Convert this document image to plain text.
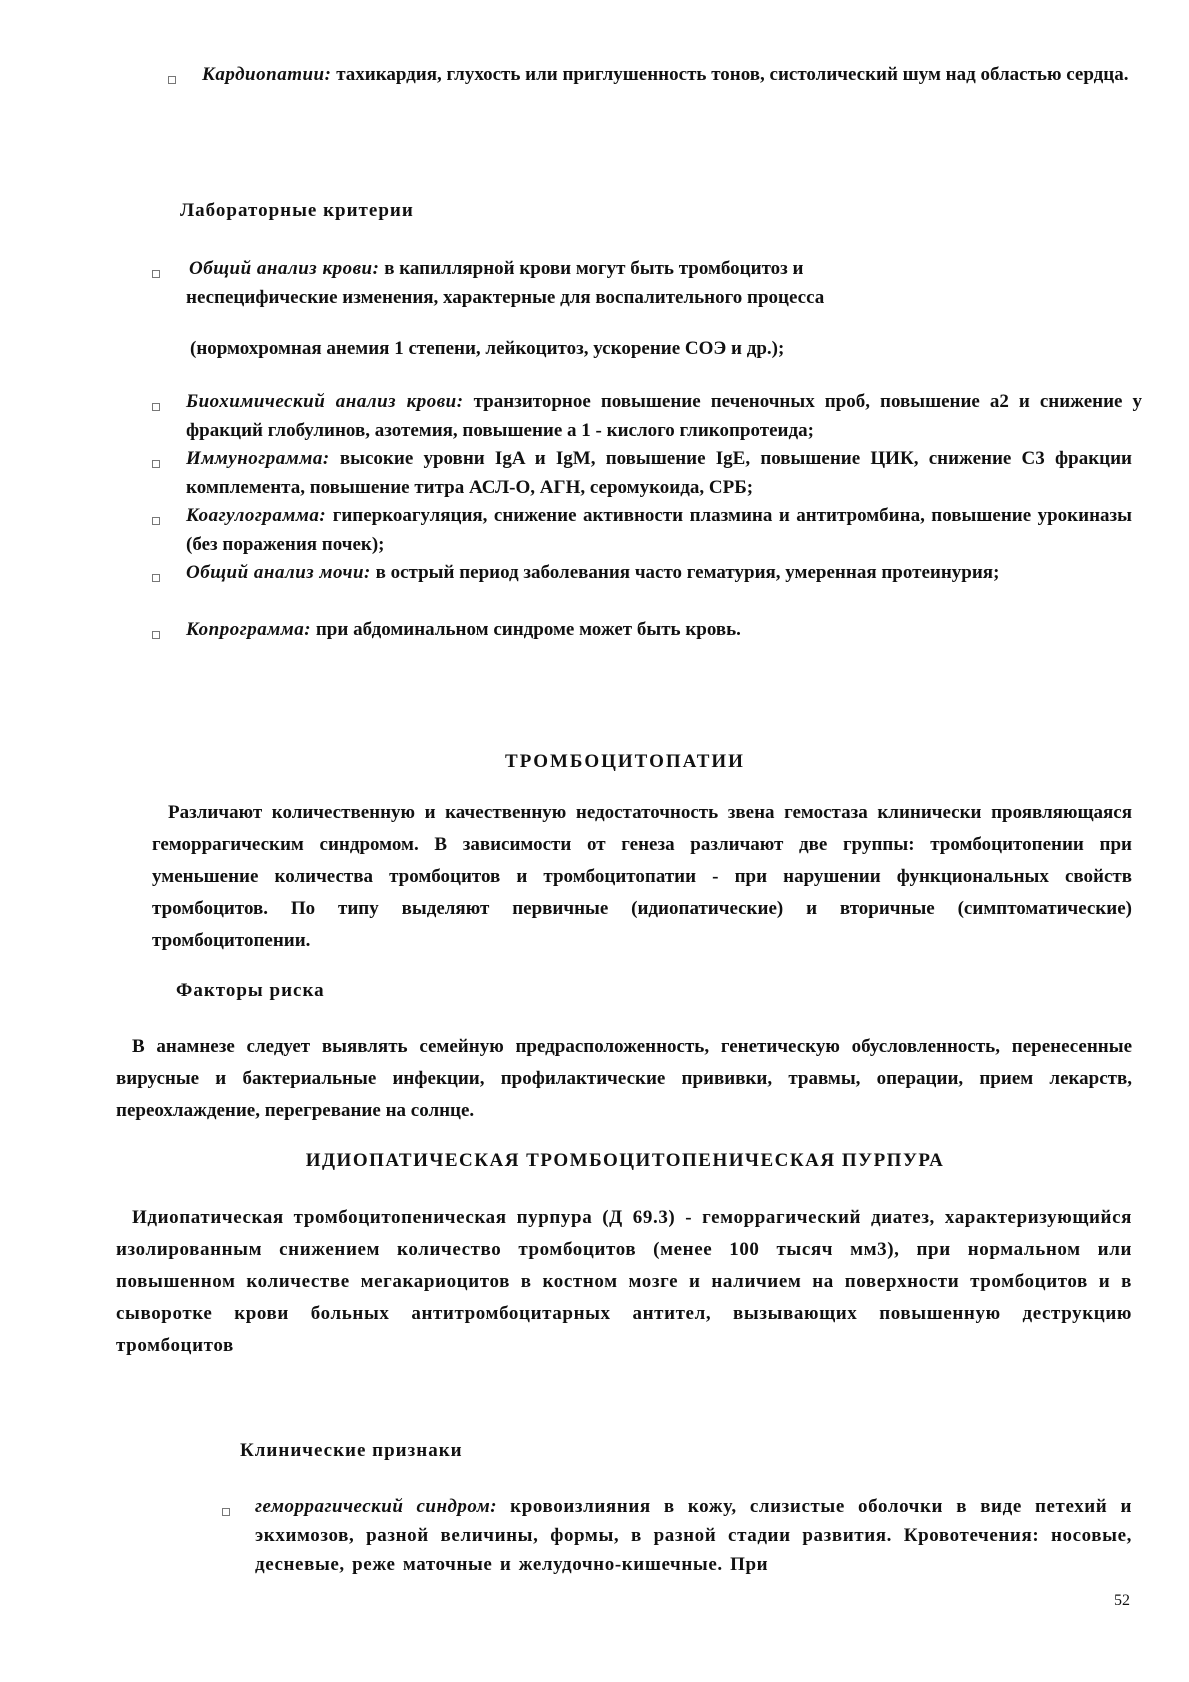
Кардиопатии: тахикардия, глухость или приглушенность тонов, систолический шум над областью сердца.
Лабораторные критерии
Общий анализ крови: в капиллярной крови могут быть тромбоцитоз и неспецифические изменения, характерные для воспалительного процесса
(нормохромная анемия 1 степени, лейкоцитоз, ускорение СОЭ и др.);
Биохимический анализ крови: транзиторное повышение печеночных проб, повышение а2 и снижение у фракций глобулинов, азотемия, повышение а 1 - кислого гликопротеида;
Иммунограмма: высокие уровни IgA и IgM, повышение IgE, повышение ЦИК, снижение С3 фракции комплемента, повышение титра АСЛ-О, АГН, серомукоида, СРБ;
Коагулограмма: гиперкоагуляция, снижение активности плазмина и антитромбина, повышение урокиназы (без поражения почек);
Общий анализ мочи: в острый период заболевания часто гематурия, умеренная протеинурия;
Копрограмма: при абдоминальном синдроме может быть кровь.
ТРОМБОЦИТОПАТИИ
Различают количественную и качественную недостаточность звена гемостаза клинически проявляющаяся геморрагическим синдромом. В зависимости от генеза различают две группы: тромбоцитопении при уменьшение количества тромбоцитов и тромбоцитопатии - при нарушении функциональных свойств тромбоцитов. По типу выделяют первичные (идиопатические) и вторичные (симптоматические) тромбоцитопении.
Факторы риска
В анамнезе следует выявлять семейную предрасположенность, генетическую обусловленность, перенесенные вирусные и бактериальные инфекции, профилактические прививки, травмы, операции, прием лекарств, переохлаждение, перегревание на солнце.
ИДИОПАТИЧЕСКАЯ ТРОМБОЦИТОПЕНИЧЕСКАЯ ПУРПУРА
Идиопатическая тромбоцитопеническая пурпура (Д 69.3) - геморрагический диатез, характеризующийся изолированным снижением количество тромбоцитов (менее 100 тысяч мм3), при нормальном или повышенном количестве мегакариоцитов в костном мозге и наличием на поверхности тромбоцитов и в сыворотке крови больных антитромбоцитарных антител, вызывающих повышенную деструкцию тромбоцитов
Клинические признаки
геморрагический синдром: кровоизлияния в кожу, слизистые оболочки в виде петехий и экхимозов, разной величины, формы, в разной стадии развития. Кровотечения: носовые, десневые, реже маточные и желудочно-кишечные. При
52
